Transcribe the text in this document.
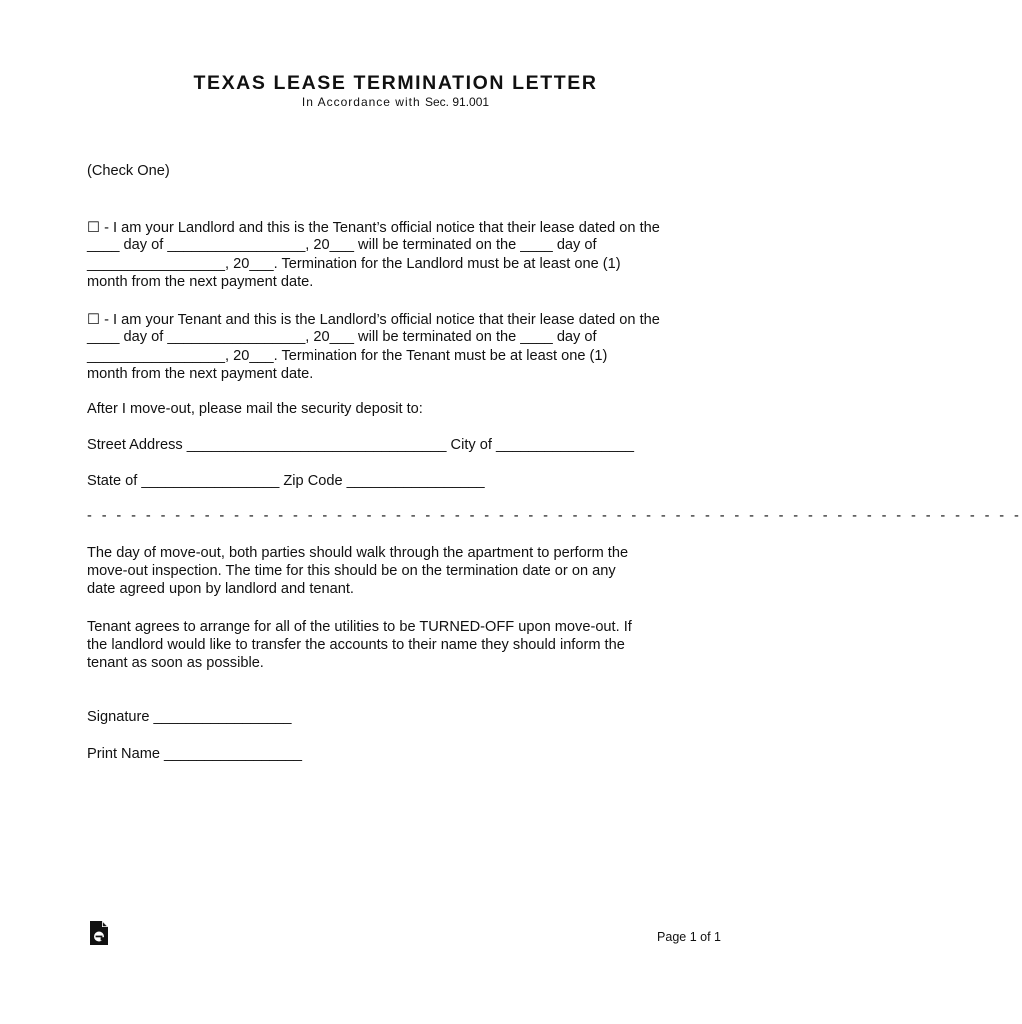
TEXAS LEASE TERMINATION LETTER
In Accordance with Sec. 91.001
(Check One)
☐ - I am your Landlord and this is the Tenant’s official notice that their lease dated on the
____ day of _________________, 20___ will be terminated on the ____ day of
_________________, 20___. Termination for the Landlord must be at least one (1)
month from the next payment date.
☐ - I am your Tenant and this is the Landlord’s official notice that their lease dated on the
____ day of _________________, 20___ will be terminated on the ____ day of
_________________, 20___. Termination for the Tenant must be at least one (1)
month from the next payment date.
After I move-out, please mail the security deposit to:
Street Address ________________________________ City of _________________
State of _________________ Zip Code _________________
- - - - - - - - - - - - - - - - - - - - - - - - - - - - - - - - - - - - - - - - - - - - - - - - - - - - - - - - - - - - - - - -
The day of move-out, both parties should walk through the apartment to perform the
move-out inspection. The time for this should be on the termination date or on any
date agreed upon by landlord and tenant.
Tenant agrees to arrange for all of the utilities to be TURNED-OFF upon move-out. If
the landlord would like to transfer the accounts to their name they should inform the
tenant as soon as possible.
Signature _________________
Print Name _________________
Page 1 of 1
